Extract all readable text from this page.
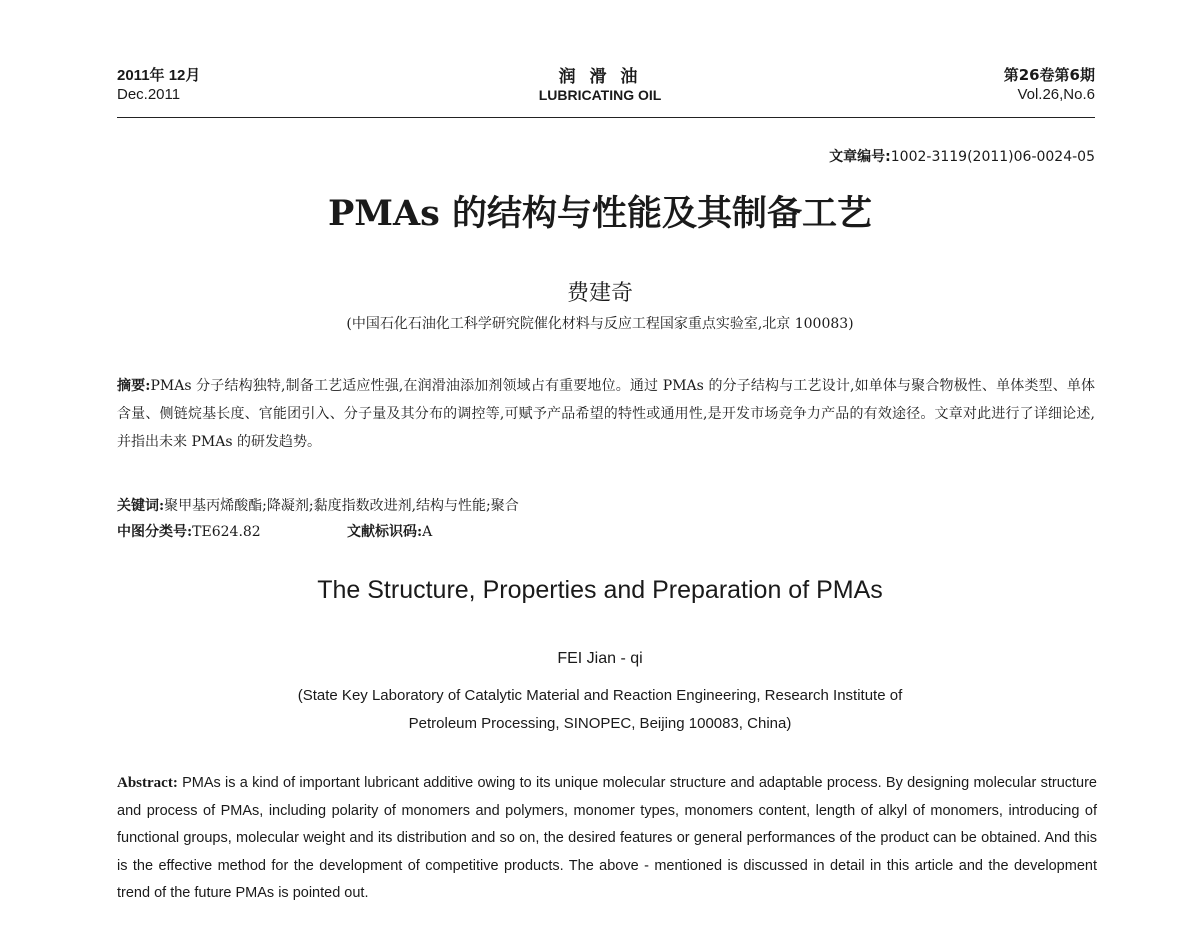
2011年 12月
Dec.2011
润 滑 油
LUBRICATING OIL
第26卷第6期
Vol.26,No.6
文章编号:1002-3119(2011)06-0024-05
PMAs 的结构与性能及其制备工艺
费建奇
(中国石化石油化工科学研究院催化材料与反应工程国家重点实验室,北京 100083)
摘要:PMAs 分子结构独特,制备工艺适应性强,在润滑油添加剂领域占有重要地位。通过 PMAs 的分子结构与工艺设计,如单体与聚合物极性、单体类型、单体含量、侧链烷基长度、官能团引入、分子量及其分布的调控等,可赋予产品希望的特性或通用性,是开发市场竞争力产品的有效途径。文章对此进行了详细论述,并指出未来 PMAs 的研发趋势。
关键词:聚甲基丙烯酸酯;降凝剂;黏度指数改进剂,结构与性能;聚合
中图分类号:TE624.82	文献标识码:A
The Structure, Properties and Preparation of PMAs
FEI Jian - qi
(State Key Laboratory of Catalytic Material and Reaction Engineering, Research Institute of
Petroleum Processing, SINOPEC, Beijing 100083, China)
Abstract: PMAs is a kind of important lubricant additive owing to its unique molecular structure and adaptable process. By designing molecular structure and process of PMAs, including polarity of monomers and polymers, monomer types, monomers content, length of alkyl of monomers, introducing of functional groups, molecular weight and its distribution and so on, the desired features or general performances of the product can be obtained. And this is the effective method for the development of competitive products. The above - mentioned is discussed in detail in this article and the development trend of the future PMAs is pointed out.
